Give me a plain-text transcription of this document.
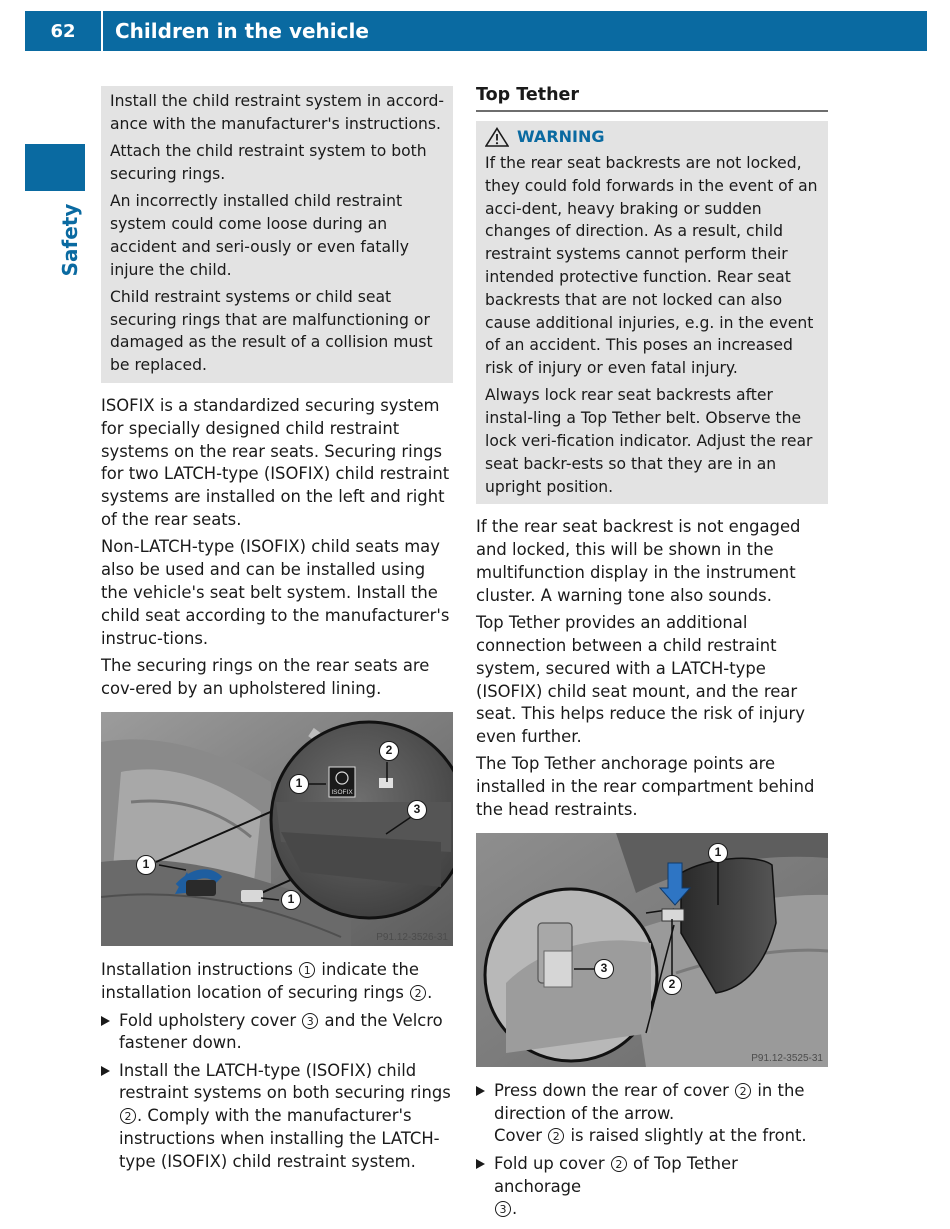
62	Children in the vehicle
Safety

Install the child restraint system in accord-ance with the manufacturer's instructions.

Attach the child restraint system to both securing rings.

An incorrectly installed child restraint system could come loose during an accident and seri-ously or even fatally injure the child.

Child restraint systems or child seat securing rings that are malfunctioning or damaged as the result of a collision must be replaced.

ISOFIX is a standardized securing system for specially designed child restraint systems on the rear seats. Securing rings for two LATCH-type (ISOFIX) child restraint systems are installed on the left and right of the rear seats.

Non-LATCH-type (ISOFIX) child seats may also be used and can be installed using the vehicle's seat belt system. Install the child seat according to the manufacturer's instruc-tions.

The securing rings on the rear seats are cov-ered by an upholstered lining.

ISOFIX
2
1
3
1
1
P91.12-3526-31

Installation instructions 1 indicate the installation location of securing rings 2 .

Fold upholstery cover 3 and the Velcro fastener down.
Install the LATCH-type (ISOFIX) child restraint systems on both securing rings 2 . Comply with the manufacturer's instructions when installing the LATCH-type (ISOFIX) child restraint system.
Top Tether
WARNING

If the rear seat backrests are not locked, they could fold forwards in the event of an acci-dent, heavy braking or sudden changes of direction. As a result, child restraint systems cannot perform their intended protective function. Rear seat backrests that are not locked can also cause additional injuries, e.g. in the event of an accident. This poses an increased risk of injury or even fatal injury.

Always lock rear seat backrests after instal-ling a Top Tether belt. Observe the lock veri-fication indicator. Adjust the rear seat backr-ests so that they are in an upright position.

If the rear seat backrest is not engaged and locked, this will be shown in the multifunction display in the instrument cluster. A warning tone also sounds.

Top Tether provides an additional connection between a child restraint system, secured with a LATCH-type (ISOFIX) child seat mount, and the rear seat. This helps reduce the risk of injury even further.

The Top Tether anchorage points are installed in the rear compartment behind the head restraints.

1
2
3
P91.12-3525-31
Press down the rear of cover 2 in the direction of the arrow.
Cover 2 is raised slightly at the front.
Fold up cover 2 of Top Tether anchorage
3 .
